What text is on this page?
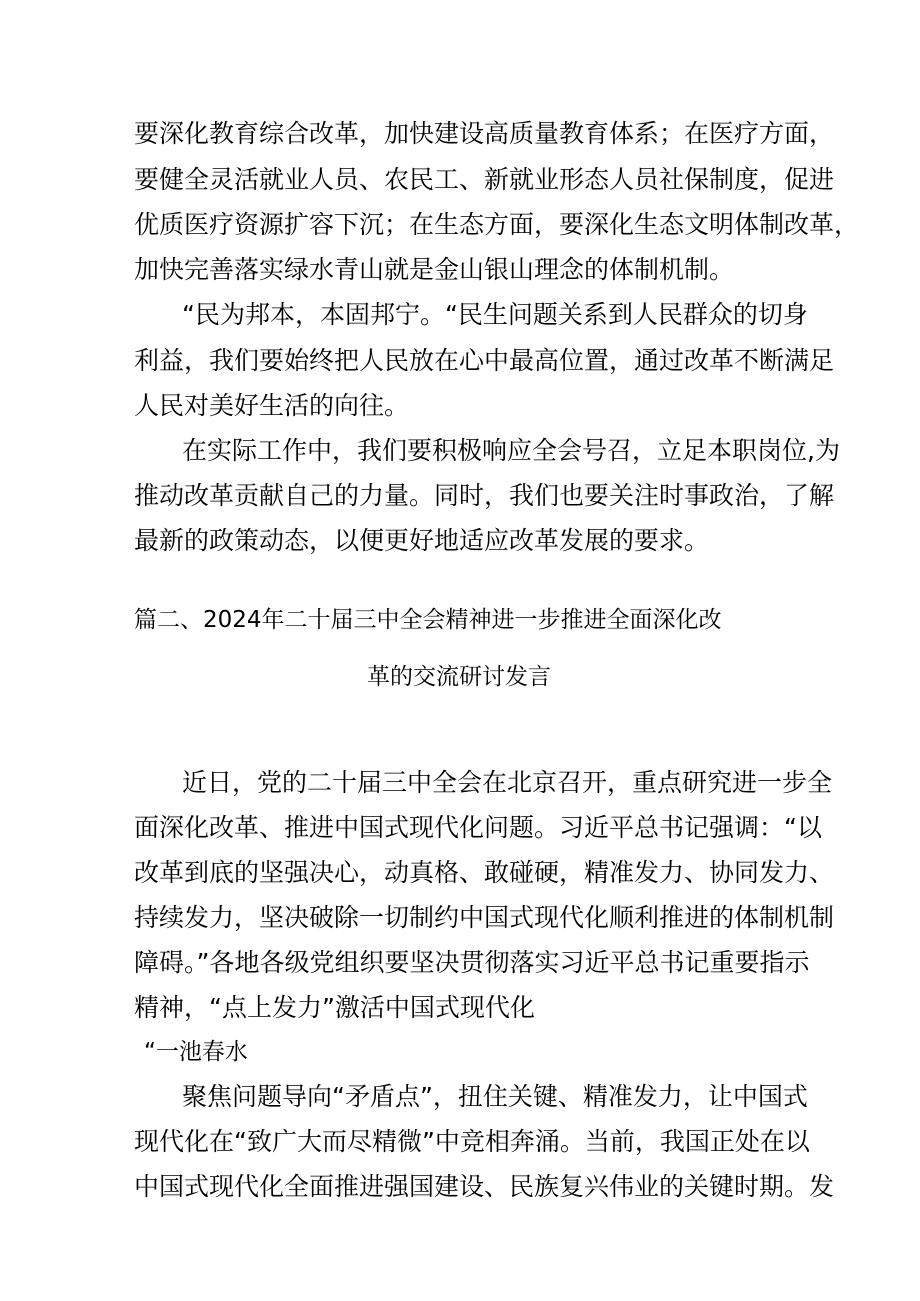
要深化教育综合改革，加快建设高质量教育体系；在医疗方面，
要健全灵活就业人员、农民工、新就业形态人员社保制度，促进
优质医疗资源扩容下沉；在生态方面，要深化生态文明体制改革，
加快完善落实绿水青山就是金山银山理念的体制机制。
“民为邦本，本固邦宁。“民生问题关系到人民群众的切身
利益，我们要始终把人民放在心中最高位置，通过改革不断满足
人民对美好生活的向往。
在实际工作中，我们要积极响应全会号召，立足本职岗位,为
推动改革贡献自己的力量。同时，我们也要关注时事政治，了解
最新的政策动态，以便更好地适应改革发展的要求。
篇二、2024年二十届三中全会精神进一步推进全面深化改
革的交流研讨发言
近日，党的二十届三中全会在北京召开，重点研究进一步全
面深化改革、推进中国式现代化问题。习近平总书记强调：“以
改革到底的坚强决心，动真格、敢碰硬，精准发力、协同发力、
持续发力，坚决破除一切制约中国式现代化顺利推进的体制机制
障碍。”各地各级党组织要坚决贯彻落实习近平总书记重要指示
精神，“点上发力”激活中国式现代化
“一池春水
聚焦问题导向“矛盾点”，扭住关键、精准发力，让中国式
现代化在“致广大而尽精微”中竞相奔涌。当前，我国正处在以
中国式现代化全面推进强国建设、民族复兴伟业的关键时期。发
